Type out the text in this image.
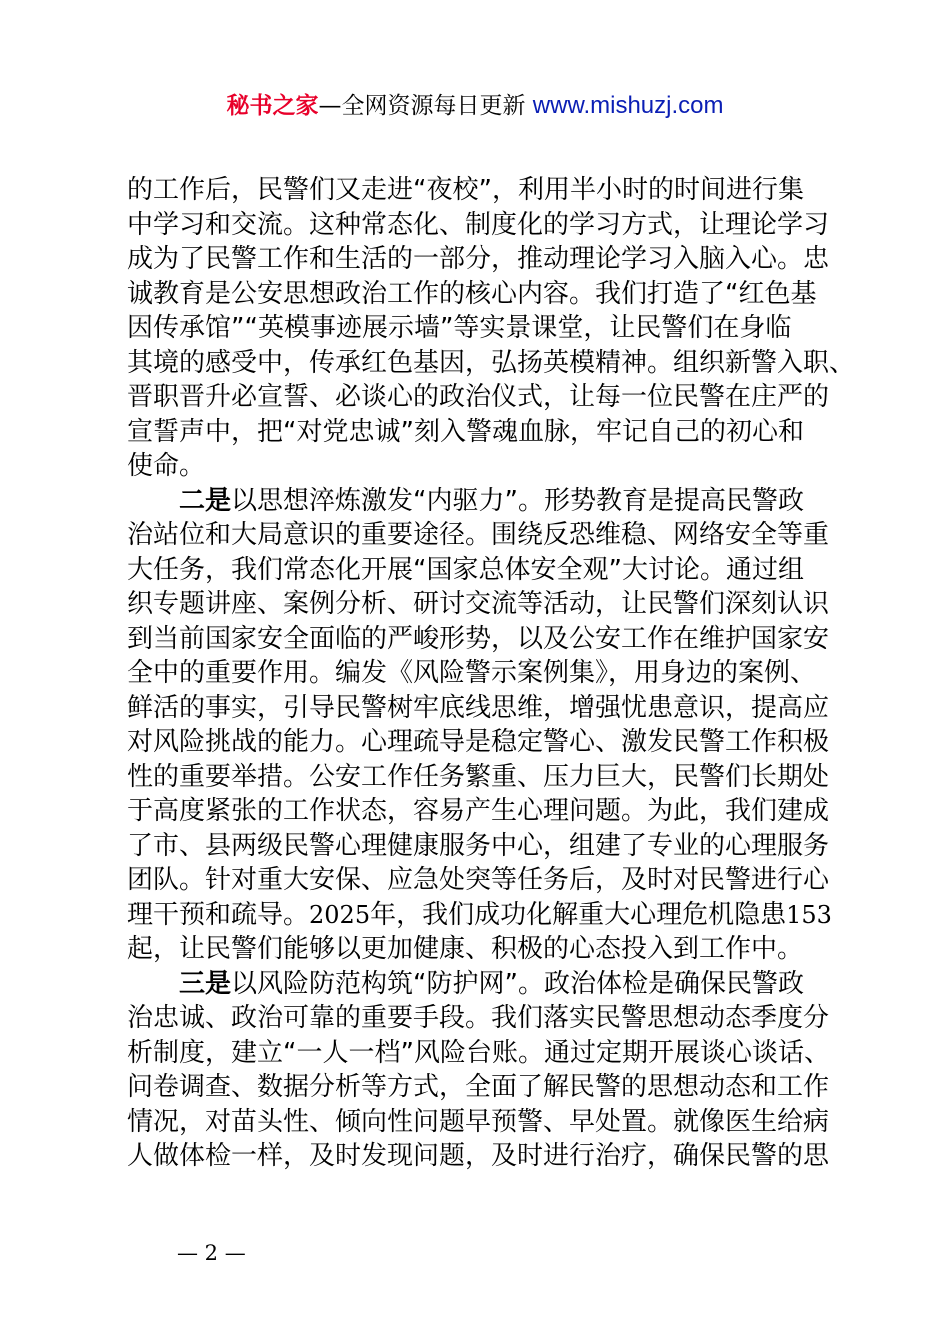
秘书之家—全网资源每日更新 www.mishuzj.com
的工作后，民警们又走进“夜校”，利用半小时的时间进行集
中学习和交流。这种常态化、制度化的学习方式，让理论学习
成为了民警工作和生活的一部分，推动理论学习入脑入心。忠
诚教育是公安思想政治工作的核心内容。我们打造了“红色基
因传承馆”“英模事迹展示墙”等实景课堂，让民警们在身临
其境的感受中，传承红色基因，弘扬英模精神。组织新警入职、
晋职晋升必宣誓、必谈心的政治仪式，让每一位民警在庄严的
宣誓声中，把“对党忠诚”刻入警魂血脉，牢记自己的初心和
使命。
二是以思想淬炼激发“内驱力”。形势教育是提高民警政
治站位和大局意识的重要途径。围绕反恐维稳、网络安全等重
大任务，我们常态化开展“国家总体安全观”大讨论。通过组
织专题讲座、案例分析、研讨交流等活动，让民警们深刻认识
到当前国家安全面临的严峻形势，以及公安工作在维护国家安
全中的重要作用。编发《风险警示案例集》，用身边的案例、
鲜活的事实，引导民警树牢底线思维，增强忧患意识，提高应
对风险挑战的能力。心理疏导是稳定警心、激发民警工作积极
性的重要举措。公安工作任务繁重、压力巨大，民警们长期处
于高度紧张的工作状态，容易产生心理问题。为此，我们建成
了市、县两级民警心理健康服务中心，组建了专业的心理服务
团队。针对重大安保、应急处突等任务后，及时对民警进行心
理干预和疏导。2025年，我们成功化解重大心理危机隐患153
起，让民警们能够以更加健康、积极的心态投入到工作中。
三是以风险防范构筑“防护网”。政治体检是确保民警政
治忠诚、政治可靠的重要手段。我们落实民警思想动态季度分
析制度，建立“一人一档”风险台账。通过定期开展谈心谈话、
问卷调查、数据分析等方式，全面了解民警的思想动态和工作
情况，对苗头性、倾向性问题早预警、早处置。就像医生给病
人做体检一样，及时发现问题，及时进行治疗，确保民警的思
— 2 —
